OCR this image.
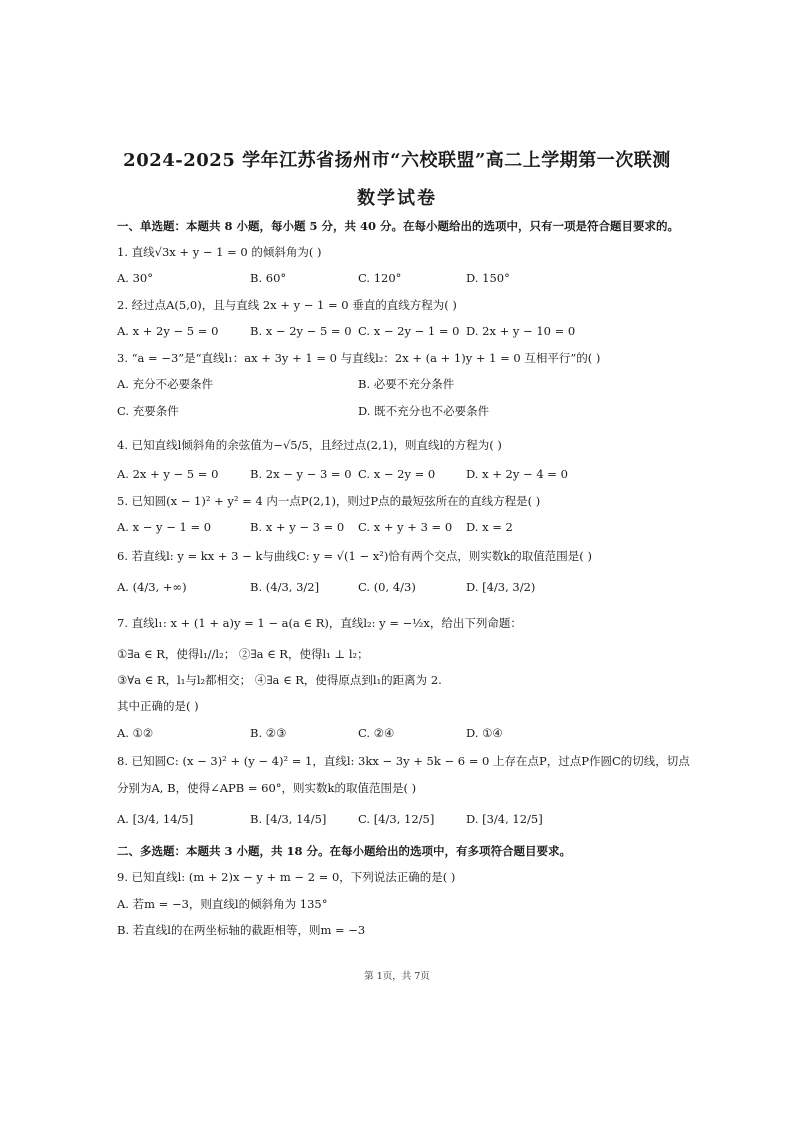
2024-2025 学年江苏省扬州市“六校联盟”高二上学期第一次联测
数学试卷
一、单选题：本题共 8 小题，每小题 5 分，共 40 分。在每小题给出的选项中，只有一项是符合题目要求的。
1. 直线√3x + y − 1 = 0 的倾斜角为( )
A. 30°	B. 60°	C. 120°	D. 150°
2. 经过点A(5,0)，且与直线 2x + y − 1 = 0 垂直的直线方程为( )
A. x + 2y − 5 = 0	B. x − 2y − 5 = 0 C. x − 2y − 1 = 0 D. 2x + y − 10 = 0
3. “a = −3”是“直线l₁：ax + 3y + 1 = 0 与直线l₂：2x + (a + 1)y + 1 = 0 互相平行”的( )
A. 充分不必要条件	B. 必要不充分条件
C. 充要条件	D. 既不充分也不必要条件
4. 已知直线l倾斜角的余弦值为−√5/5，且经过点(2,1)，则直线l的方程为( )
A. 2x + y − 5 = 0	B. 2x − y − 3 = 0 C. x − 2y = 0	D. x + 2y − 4 = 0
5. 已知圆(x − 1)² + y² = 4 内一点P(2,1)，则过P点的最短弦所在的直线方程是( )
A. x − y − 1 = 0	B. x + y − 3 = 0 C. x + y + 3 = 0 D. x = 2
6. 若直线l: y = kx + 3 − k与曲线C: y = √(1 − x²)恰有两个交点，则实数k的取值范围是( )
A. (4/3, +∞)	B. (4/3, 3/2]	C. (0, 4/3)	D. [4/3, 3/2)
7. 直线l₁: x + (1 + a)y = 1 − a(a ∈ R)，直线l₂: y = −½x，给出下列命题：
①∃a ∈ R，使得l₁//l₂； ②∃a ∈ R，使得l₁ ⊥ l₂；
③∀a ∈ R，l₁与l₂都相交； ④∃a ∈ R，使得原点到l₁的距离为 2.
其中正确的是( )
A. ①②	B. ②③	C. ②④	D. ①④
8. 已知圆C: (x − 3)² + (y − 4)² = 1，直线l: 3kx − 3y + 5k − 6 = 0 上存在点P，过点P作圆C的切线，切点
分别为A, B，使得∠APB = 60°，则实数k的取值范围是( )
A. [3/4, 14/5]	B. [4/3, 14/5]	C. [4/3, 12/5]	D. [3/4, 12/5]
二、多选题：本题共 3 小题，共 18 分。在每小题给出的选项中，有多项符合题目要求。
9. 已知直线l: (m + 2)x − y + m − 2 = 0，下列说法正确的是( )
A. 若m = −3，则直线l的倾斜角为 135°
B. 若直线l的在两坐标轴的截距相等，则m = −3
第 1页，共 7页
